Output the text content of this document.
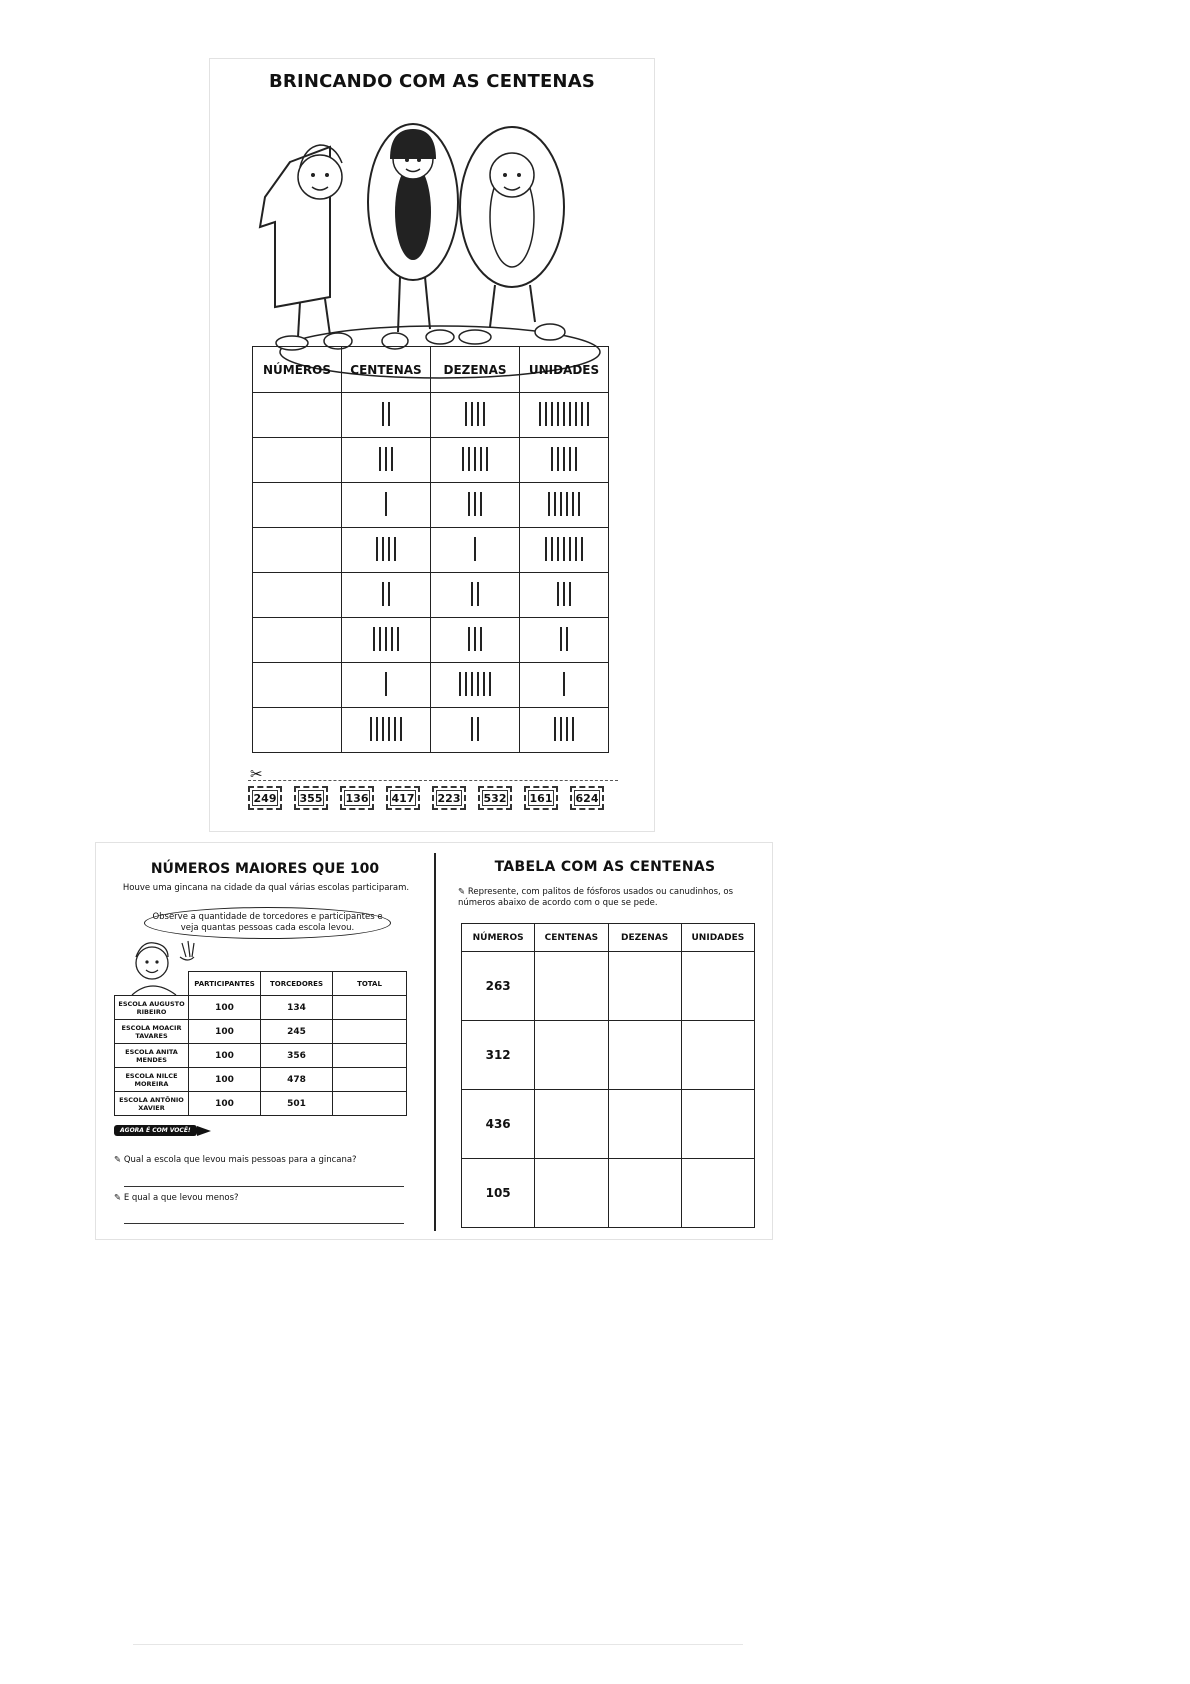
BRINCANDO COM AS CENTENAS
NÚMEROS	CENTENAS	DEZENAS	UNIDADES

✂
249	355	136	417	223	532	161	624
NÚMEROS MAIORES QUE 100
Houve uma gincana na cidade da qual várias escolas participaram.
Observe a quantidade de torcedores e participantes e veja quantas pessoas cada escola levou.
	PARTICIPANTES	TORCEDORES	TOTAL
ESCOLA AUGUSTO RIBEIRO	100	134	
ESCOLA MOACIR TAVARES	100	245	
ESCOLA ANITA MENDES	100	356	
ESCOLA NILCE MOREIRA	100	478	
ESCOLA ANTÔNIO XAVIER	100	501	
AGORA É COM VOCÊ!
✎ Qual a escola que levou mais pessoas para a gincana?
✎ E qual a que levou menos?
TABELA COM AS CENTENAS
✎ Represente, com palitos de fósforos usados ou canudinhos, os números abaixo de acordo com o que se pede.
NÚMEROS	CENTENAS	DEZENAS	UNIDADES
263			
312			
436			
105			
